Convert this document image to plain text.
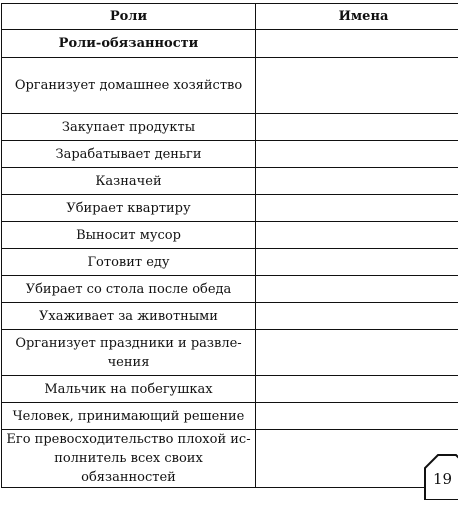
Роли	Имена
Роли-обязанности	
Организует домашнее хозяйство	
Закупает продукты	
Зарабатывает деньги	
Казначей	
Убирает квартиру	
Выносит мусор	
Готовит еду	
Убирает со стола после обеда	
Ухаживает за животными	
Организует праздники и развле-
чения	
Мальчик на побегушках	
Человек, принимающий решение	
Его превосходительство плохой ис-
полнитель всех своих обязанностей		19
